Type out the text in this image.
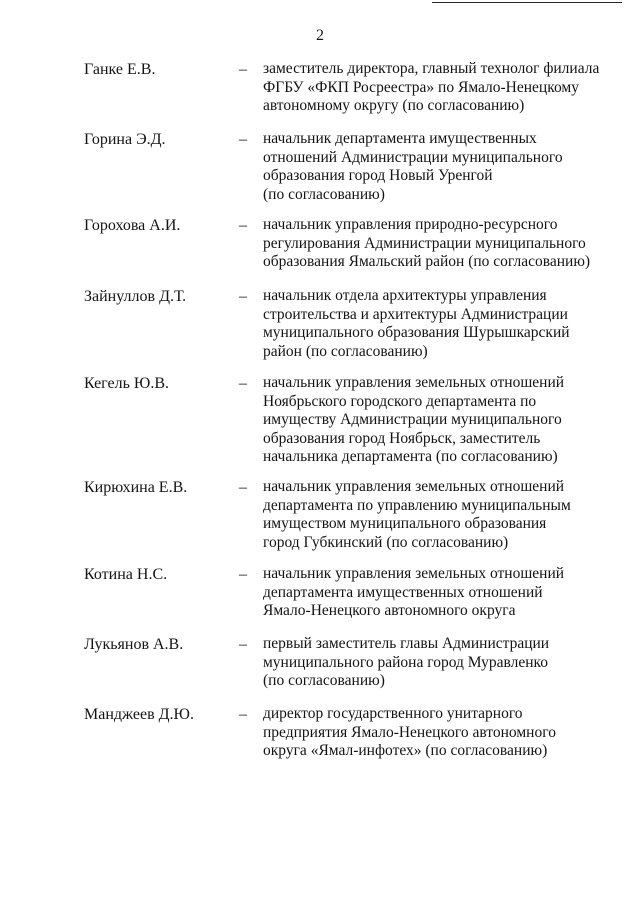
2
Ганке Е.В.	– заместитель директора, главный технолог филиала
ФГБУ «ФКП Росреестра» по Ямало-Ненецкому
автономному округу (по согласованию)
Горина Э.Д.	– начальник департамента имущественных
отношений Администрации муниципального
образования город Новый Уренгой
(по согласованию)
Горохова А.И.	– начальник управления природно-ресурсного
регулирования Администрации муниципального
образования Ямальский район (по согласованию)
Зайнуллов Д.Т.	– начальник отдела архитектуры управления
строительства и архитектуры Администрации
муниципального образования Шурышкарский
район (по согласованию)
Кегель Ю.В.	– начальник управления земельных отношений
Ноябрьского городского департамента по
имуществу Администрации муниципального
образования город Ноябрьск, заместитель
начальника департамента (по согласованию)
Кирюхина Е.В.	– начальник управления земельных отношений
департамента по управлению муниципальным
имуществом муниципального образования
город Губкинский (по согласованию)
Котина Н.С.	– начальник управления земельных отношений
департамента имущественных отношений
Ямало-Ненецкого автономного округа
Лукьянов А.В.	– первый заместитель главы Администрации
муниципального района город Муравленко
(по согласованию)
Манджеев Д.Ю.	– директор государственного унитарного
предприятия Ямало-Ненецкого автономного
округа «Ямал-инфотех» (по согласованию)
